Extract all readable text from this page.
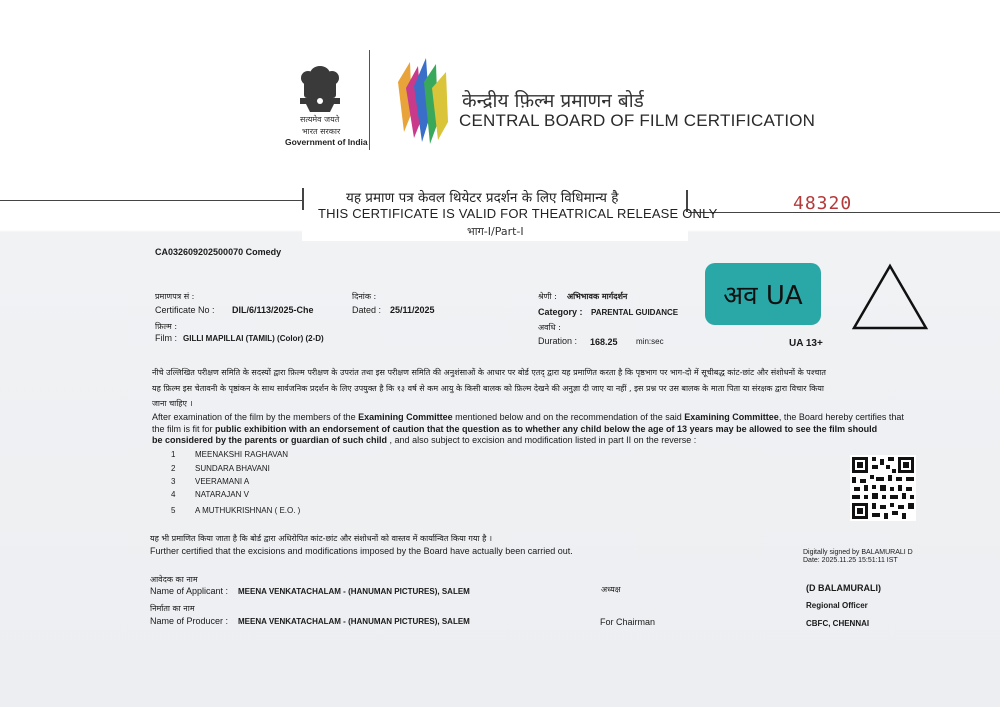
सत्यमेव जयते
भारत सरकार
Government of India
केन्द्रीय फ़िल्म प्रमाणन बोर्ड
CENTRAL BOARD OF FILM CERTIFICATION
यह प्रमाण पत्र केवल थियेटर प्रदर्शन के लिए विधिमान्य है
THIS CERTIFICATE IS VALID FOR THEATRICAL RELEASE ONLY
भाग-I/Part-I
48320
CA032609202500070 Comedy
प्रमाणपत्र सं :
Certificate No : DIL/6/113/2025-Che
दिनांक :
Dated : 25/11/2025
फ़िल्म :
Film : GILLI MAPILLAI (TAMIL) (Color) (2-D)
श्रेणी : अभिभावक मार्गदर्शन
Category : PARENTAL GUIDANCE
अवधि :
Duration : 168.25 min:sec
अव UA
UA 13+
नीचे उल्लिखित परीक्षण समिति के सदस्यों द्वारा फ़िल्म परीक्षण के उपरांत तथा इस परीक्षण समिति की अनुशंसाओं के आधार पर बोर्ड एतद् द्वारा यह प्रमाणित करता है कि पृष्ठभाग पर भाग-दो में सूचीबद्ध कांट-छांट और संशोधनों के पश्चात
यह फ़िल्म इस चेतावनी के पृष्ठांकन के साथ सार्वजनिक प्रदर्शन के लिए उपयुक्त है कि १३ वर्ष से कम आयु के किसी बालक को फ़िल्म देखने की अनुज्ञा दी जाए या नहीं , इस प्रश्न पर उस बालक के माता पिता या संरक्षक द्वारा विचार किया
जाना चाहिए ।
After examination of the film by the members of the Examining Committee mentioned below and on the recommendation of the said Examining Committee, the Board hereby certifies that
the film is fit for public exhibition with an endorsement of caution that the question as to whether any child below the age of 13 years may be allowed to see the film should
be considered by the parents or guardian of such child , and also subject to excision and modification listed in part II on the reverse :
1 MEENAKSHI RAGHAVAN
2 SUNDARA BHAVANI
3 VEERAMANI A
4 NATARAJAN V
5 A MUTHUKRISHNAN ( E.O. )
यह भी प्रमाणित किया जाता है कि बोर्ड द्वारा अधिरोपित कांट-छांट और संशोधनों को वास्तव में कार्यान्वित किया गया है ।
Further certified that the excisions and modifications imposed by the Board have actually been carried out.	Digitally signed by BALAMURALI D
Date: 2025.11.25 15:51:11 IST
आवेदक का नाम
Name of Applicant : MEENA VENKATACHALAM - (HANUMAN PICTURES), SALEM	अध्यक्ष	(D BALAMURALI)
Regional Officer
CBFC, CHENNAI
निर्माता का नाम
Name of Producer : MEENA VENKATACHALAM - (HANUMAN PICTURES), SALEM	For Chairman
